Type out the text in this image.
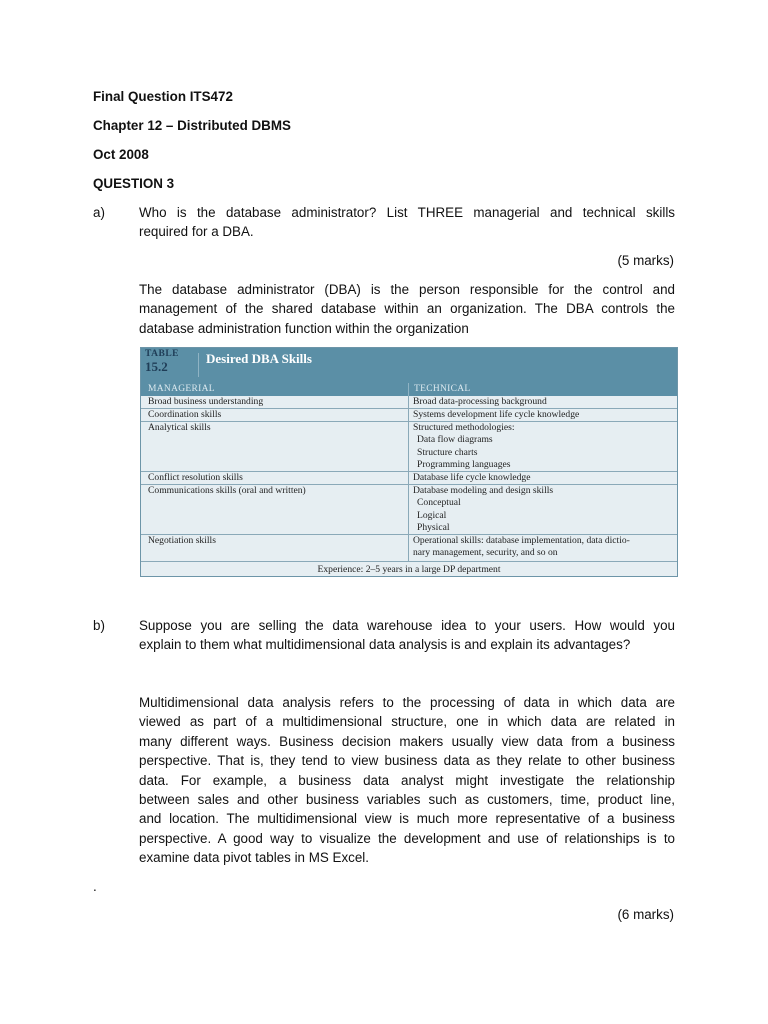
Final Question ITS472
Chapter 12 – Distributed DBMS
Oct 2008
QUESTION 3
a)	Who is the database administrator? List THREE managerial and technical skills
required for a DBA.
(5 marks)
The database administrator (DBA) is the person responsible for the control and
management of the shared database within an organization. The DBA controls the
database administration function within the organization
TABLE
15.2
Desired DBA Skills
MANAGERIAL	TECHNICAL
Broad business understanding	Broad data-processing background
Coordination skills	Systems development life cycle knowledge
Analytical skills	Structured methodologies:
Data flow diagrams
Structure charts
Programming languages
Conflict resolution skills	Database life cycle knowledge
Communications skills (oral and written)	Database modeling and design skills
Conceptual
Logical
Physical
Negotiation skills	Operational skills: database implementation, data dictio-
nary management, security, and so on
Experience: 2–5 years in a large DP department
b)	Suppose you are selling the data warehouse idea to your users. How would you
explain to them what multidimensional data analysis is and explain its advantages?
Multidimensional data analysis refers to the processing of data in which data are
viewed as part of a multidimensional structure, one in which data are related in
many different ways. Business decision makers usually view data from a business
perspective. That is, they tend to view business data as they relate to other business
data. For example, a business data analyst might investigate the relationship
between sales and other business variables such as customers, time, product line,
and location. The multidimensional view is much more representative of a business
perspective. A good way to visualize the development and use of relationships is to
examine data pivot tables in MS Excel.
.
(6 marks)
